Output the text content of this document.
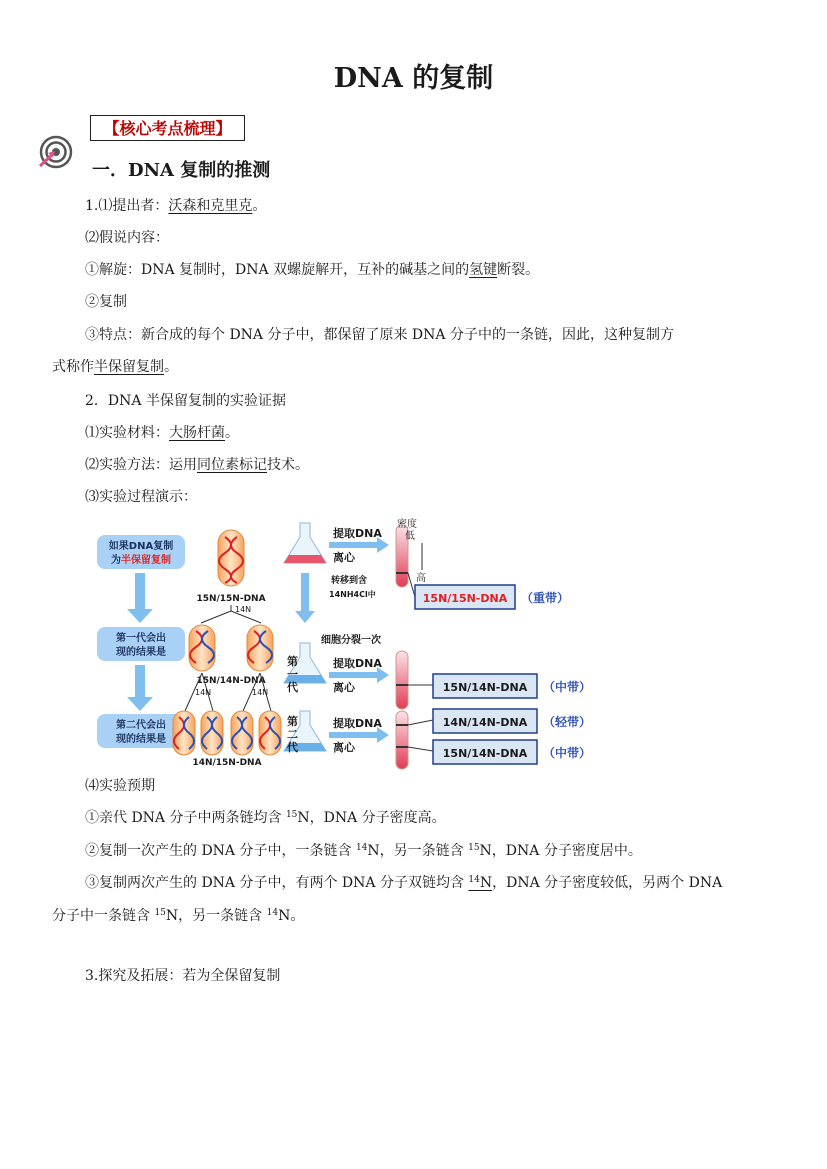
DNA 的复制
【核心考点梳理】
一．DNA 复制的推测
1.⑴提出者：沃森和克里克。
⑵假说内容：
①解旋：DNA 复制时，DNA 双螺旋解开，互补的碱基之间的氢键断裂。
②复制
③特点：新合成的每个 DNA 分子中，都保留了原来 DNA 分子中的一条链，因此，这种复制方
式称作半保留复制。
2．DNA 半保留复制的实验证据
⑴实验材料：大肠杆菌。
⑵实验方法：运用同位素标记技术。
⑶实验过程演示：
如果DNA复制
为半保留复制
第一代会出
现的结果是
第二代会出
现的结果是
15N/15N-DNA
14N
15N/14N-DNA
14N	14N
14N/15N-DNA
第
一
代
第
二
代
提取DNA
离心
转移到含
14NH4Cl中
细胞分裂一次
提取DNA
离心
提取DNA
离心
密度
低
高
15N/15N-DNA （重带）
15N/14N-DNA （中带）
14N/14N-DNA （轻带）
15N/14N-DNA （中带）
⑷实验预期
①亲代 DNA 分子中两条链均含 $^{15}$N，DNA 分子密度高。
②复制一次产生的 DNA 分子中，一条链含 $^{14}$N，另一条链含 $^{15}$N，DNA 分子密度居中。
③复制两次产生的 DNA 分子中，有两个 DNA 分子双链均含 $^{14}$N，DNA 分子密度较低，另两个 DNA
分子中一条链含 $^{15}$N，另一条链含 $^{14}$N。
3.探究及拓展：若为全保留复制
